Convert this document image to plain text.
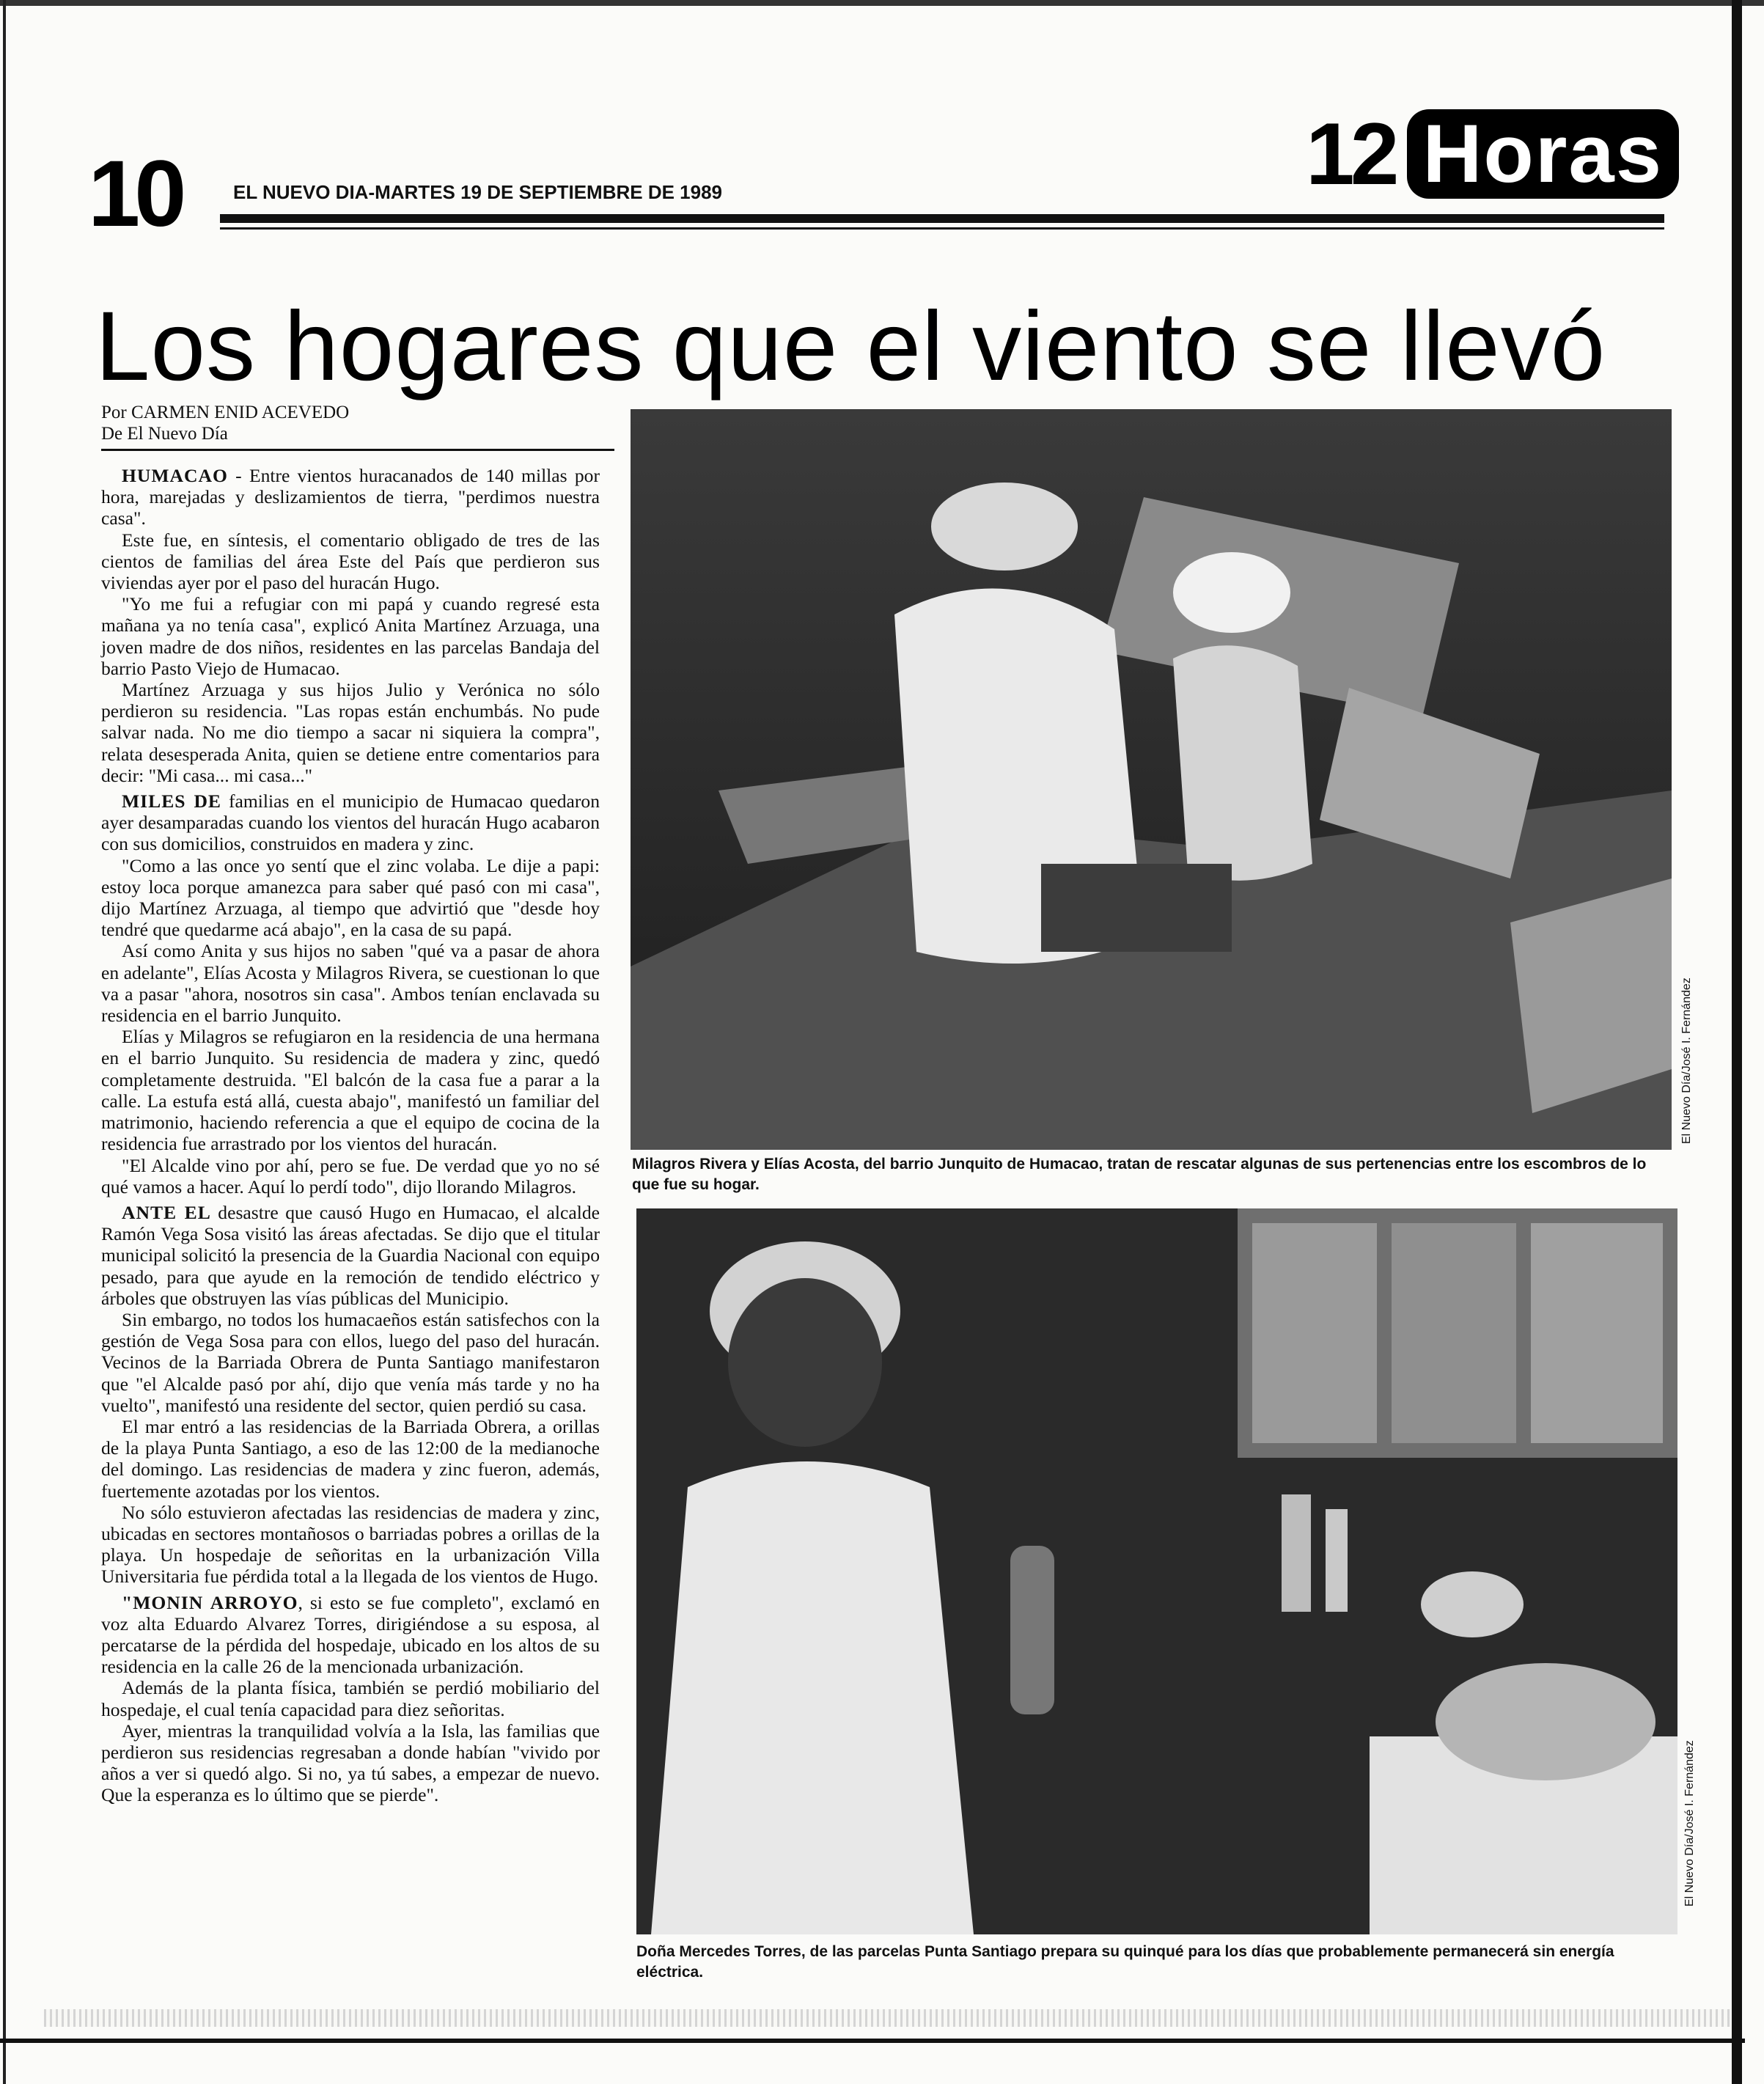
10	EL NUEVO DIA-MARTES 19 DE SEPTIEMBRE DE 1989	12 Horas
Los hogares que el viento se llevó
Por CARMEN ENID ACEVEDO
De El Nuevo Día

HUMACAO - Entre vientos huracanados de 140 millas por hora, marejadas y deslizamientos de tierra, "perdimos nuestra casa".

Este fue, en síntesis, el comentario obligado de tres de las cientos de familias del área Este del País que perdieron sus viviendas ayer por el paso del huracán Hugo.

"Yo me fui a refugiar con mi papá y cuando regresé esta mañana ya no tenía casa", explicó Anita Martínez Arzuaga, una joven madre de dos niños, residentes en las parcelas Bandaja del barrio Pasto Viejo de Humacao.

Martínez Arzuaga y sus hijos Julio y Verónica no sólo perdieron su residencia. "Las ropas están enchumbás. No pude salvar nada. No me dio tiempo a sacar ni siquiera la compra", relata desesperada Anita, quien se detiene entre comentarios para decir: "Mi casa... mi casa..."

MILES DE familias en el municipio de Humacao quedaron ayer desamparadas cuando los vientos del huracán Hugo acabaron con sus domicilios, construidos en madera y zinc.

"Como a las once yo sentí que el zinc volaba. Le dije a papi: estoy loca porque amanezca para saber qué pasó con mi casa", dijo Martínez Arzuaga, al tiempo que advirtió que "desde hoy tendré que quedarme acá abajo", en la casa de su papá.

Así como Anita y sus hijos no saben "qué va a pasar de ahora en adelante", Elías Acosta y Milagros Rivera, se cuestionan lo que va a pasar "ahora, nosotros sin casa". Ambos tenían enclavada su residencia en el barrio Junquito.

Elías y Milagros se refugiaron en la residencia de una hermana en el barrio Junquito. Su residencia de madera y zinc, quedó completamente destruida. "El balcón de la casa fue a parar a la calle. La estufa está allá, cuesta abajo", manifestó un familiar del matrimonio, haciendo referencia a que el equipo de cocina de la residencia fue arrastrado por los vientos del huracán.

"El Alcalde vino por ahí, pero se fue. De verdad que yo no sé qué vamos a hacer. Aquí lo perdí todo", dijo llorando Milagros.

ANTE EL desastre que causó Hugo en Humacao, el alcalde Ramón Vega Sosa visitó las áreas afectadas. Se dijo que el titular municipal solicitó la presencia de la Guardia Nacional con equipo pesado, para que ayude en la remoción de tendido eléctrico y árboles que obstruyen las vías públicas del Municipio.

Sin embargo, no todos los humacaeños están satisfechos con la gestión de Vega Sosa para con ellos, luego del paso del huracán. Vecinos de la Barriada Obrera de Punta Santiago manifestaron que "el Alcalde pasó por ahí, dijo que venía más tarde y no ha vuelto", manifestó una residente del sector, quien perdió su casa.

El mar entró a las residencias de la Barriada Obrera, a orillas de la playa Punta Santiago, a eso de las 12:00 de la medianoche del domingo. Las residencias de madera y zinc fueron, además, fuertemente azotadas por los vientos.

No sólo estuvieron afectadas las residencias de madera y zinc, ubicadas en sectores montañosos o barriadas pobres a orillas de la playa. Un hospedaje de señoritas en la urbanización Villa Universitaria fue pérdida total a la llegada de los vientos de Hugo.

"MONIN ARROYO, si esto se fue completo", exclamó en voz alta Eduardo Alvarez Torres, dirigiéndose a su esposa, al percatarse de la pérdida del hospedaje, ubicado en los altos de su residencia en la calle 26 de la mencionada urbanización.

Además de la planta física, también se perdió mobiliario del hospedaje, el cual tenía capacidad para diez señoritas.

Ayer, mientras la tranquilidad volvía a la Isla, las familias que perdieron sus residencias regresaban a donde habían "vivido por años a ver si quedó algo. Si no, ya tú sabes, a empezar de nuevo. Que la esperanza es lo último que se pierde".

El Nuevo Día/José I. Fernández
Milagros Rivera y Elías Acosta, del barrio Junquito de Humacao, tratan de rescatar algunas de sus pertenencias entre los escombros de lo que fue su hogar.
El Nuevo Día/José I. Fernández
Doña Mercedes Torres, de las parcelas Punta Santiago prepara su quinqué para los días que probablemente permanecerá sin energía eléctrica.
